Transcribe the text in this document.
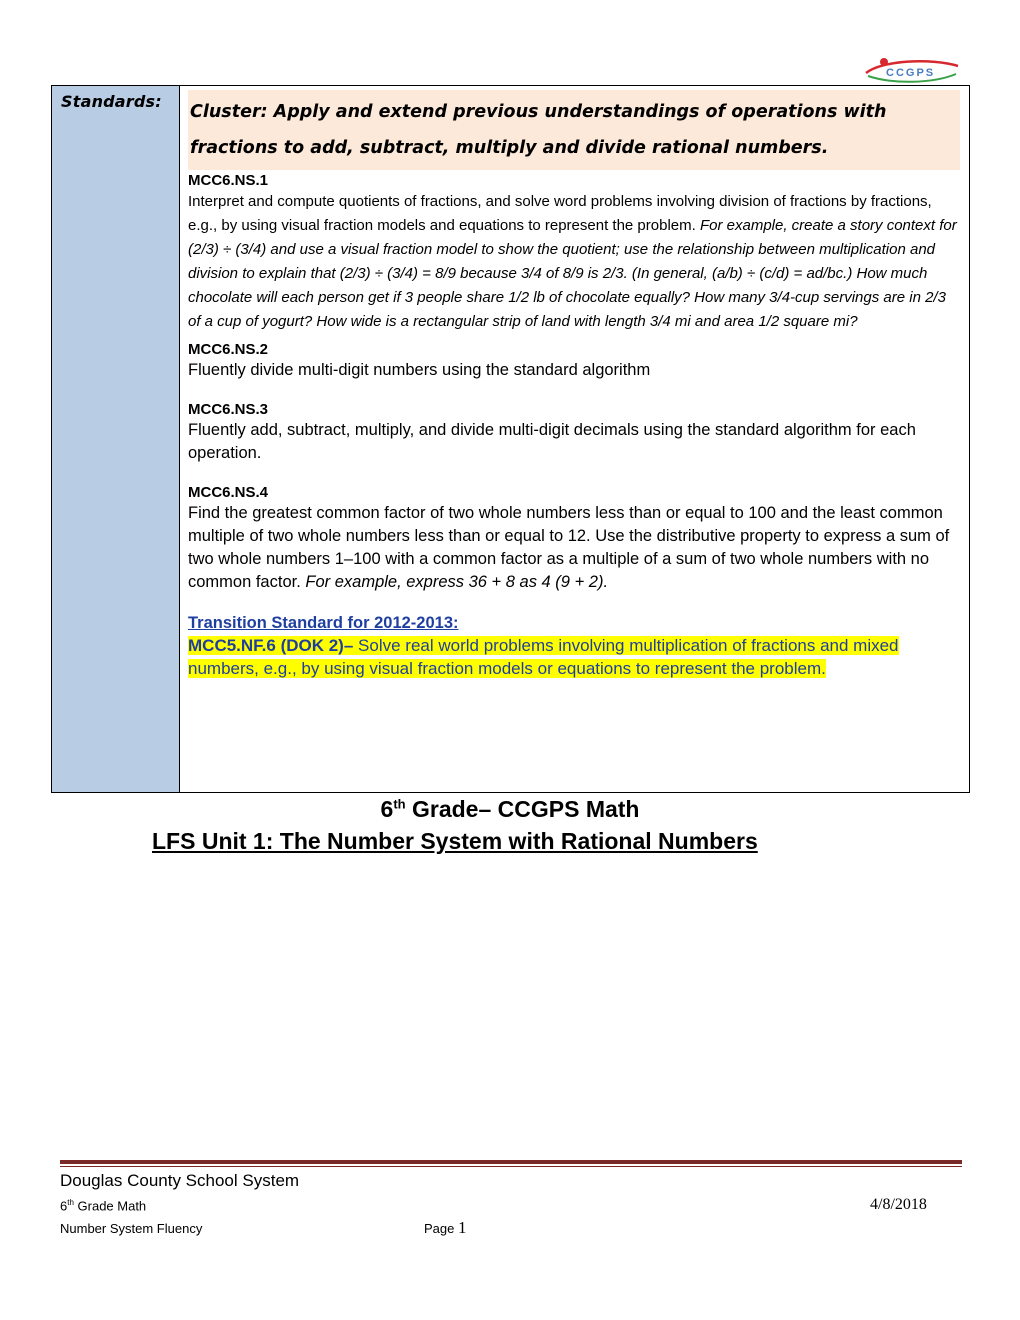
CCGPS
Standards:
Cluster: Apply and extend previous understandings of operations with fractions to add, subtract, multiply and divide rational numbers.
MCC6.NS.1
Interpret and compute quotients of fractions, and solve word problems involving division of fractions by fractions, e.g., by using visual fraction models and equations to represent the problem. For example, create a story context for (2/3) ÷ (3/4) and use a visual fraction model to show the quotient; use the relationship between multiplication and division to explain that (2/3) ÷ (3/4) = 8/9 because 3/4 of 8/9 is 2/3. (In general, (a/b) ÷ (c/d) = ad/bc.) How much chocolate will each person get if 3 people share 1/2 lb of chocolate equally? How many 3/4-cup servings are in 2/3 of a cup of yogurt? How wide is a rectangular strip of land with length 3/4 mi and area 1/2 square mi?
MCC6.NS.2
Fluently divide multi-digit numbers using the standard algorithm
MCC6.NS.3
Fluently add, subtract, multiply, and divide multi-digit decimals using the standard algorithm for each operation.
MCC6.NS.4
Find the greatest common factor of two whole numbers less than or equal to 100 and the least common multiple of two whole numbers less than or equal to 12. Use the distributive property to express a sum of two whole numbers 1–100 with a common factor as a multiple of a sum of two whole numbers with no common factor. For example, express 36 + 8 as 4 (9 + 2).
Transition Standard for 2012-2013:
MCC5.NF.6 (DOK 2)– Solve real world problems involving multiplication of fractions and mixed numbers, e.g., by using visual fraction models or equations to represent the problem.
6th Grade– CCGPS Math
LFS Unit 1: The Number System with Rational Numbers
Douglas County School System
6th Grade Math	4/8/2018
Number System Fluency	Page 1
